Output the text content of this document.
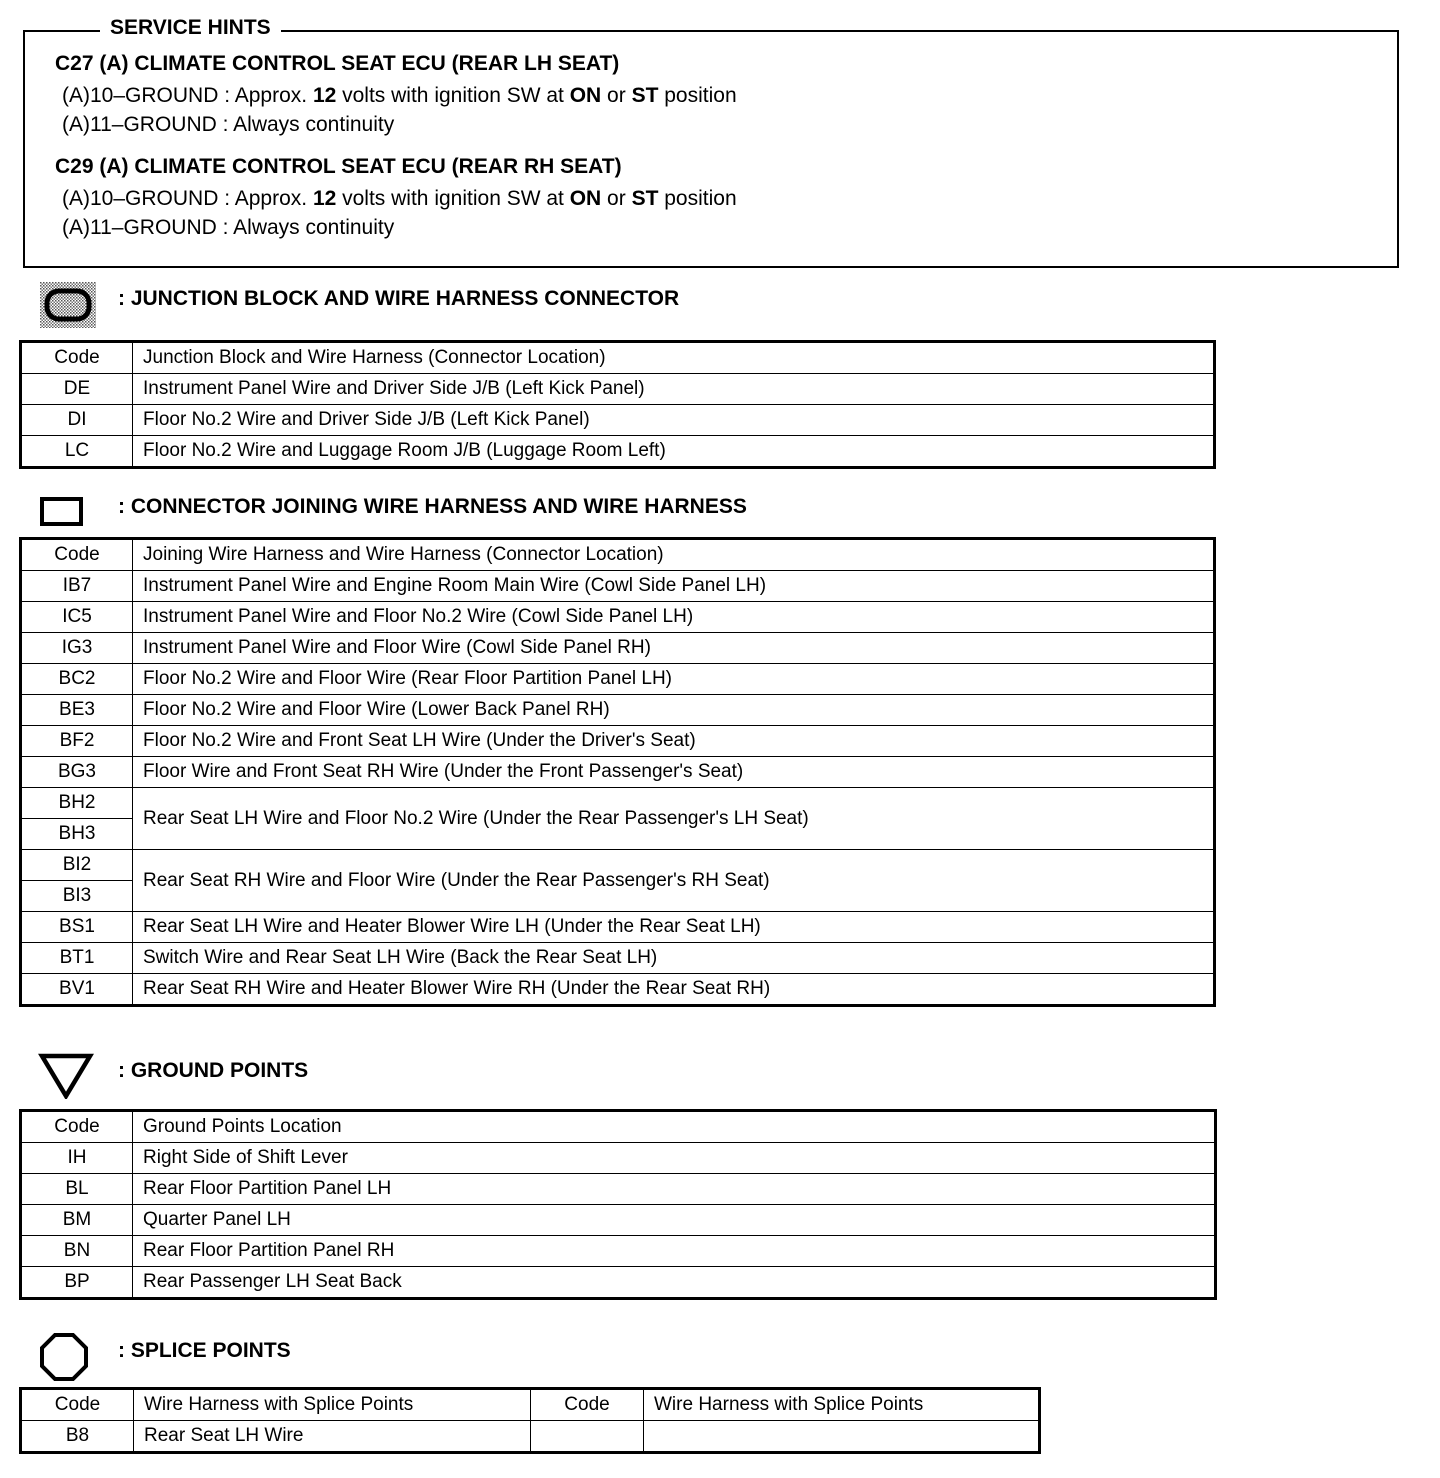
SERVICE HINTS
C27 (A) CLIMATE CONTROL SEAT ECU (REAR LH SEAT)
(A)10–GROUND : Approx. 12 volts with ignition SW at ON or ST position
(A)11–GROUND : Always continuity
C29 (A) CLIMATE CONTROL SEAT ECU (REAR RH SEAT)
(A)10–GROUND : Approx. 12 volts with ignition SW at ON or ST position
(A)11–GROUND : Always continuity
: JUNCTION BLOCK AND WIRE HARNESS CONNECTOR
Code	Junction Block and Wire Harness (Connector Location)
DE	Instrument Panel Wire and Driver Side J/B (Left Kick Panel)
DI	Floor No.2 Wire and Driver Side J/B (Left Kick Panel)
LC	Floor No.2 Wire and Luggage Room J/B (Luggage Room Left)
: CONNECTOR JOINING WIRE HARNESS AND WIRE HARNESS
Code	Joining Wire Harness and Wire Harness (Connector Location)
IB7	Instrument Panel Wire and Engine Room Main Wire (Cowl Side Panel LH)
IC5	Instrument Panel Wire and Floor No.2 Wire (Cowl Side Panel LH)
IG3	Instrument Panel Wire and Floor Wire (Cowl Side Panel RH)
BC2	Floor No.2 Wire and Floor Wire (Rear Floor Partition Panel LH)
BE3	Floor No.2 Wire and Floor Wire (Lower Back Panel RH)
BF2	Floor No.2 Wire and Front Seat LH Wire (Under the Driver's Seat)
BG3	Floor Wire and Front Seat RH Wire (Under the Front Passenger's Seat)
BH2	Rear Seat LH Wire and Floor No.2 Wire (Under the Rear Passenger's LH Seat)
BH3	
BI2	Rear Seat RH Wire and Floor Wire (Under the Rear Passenger's RH Seat)
BI3	
BS1	Rear Seat LH Wire and Heater Blower Wire LH (Under the Rear Seat LH)
BT1	Switch Wire and Rear Seat LH Wire (Back the Rear Seat LH)
BV1	Rear Seat RH Wire and Heater Blower Wire RH (Under the Rear Seat RH)
: GROUND POINTS
Code	Ground Points Location
IH	Right Side of Shift Lever
BL	Rear Floor Partition Panel LH
BM	Quarter Panel LH
BN	Rear Floor Partition Panel RH
BP	Rear Passenger LH Seat Back
: SPLICE POINTS
Code	Wire Harness with Splice Points	Code	Wire Harness with Splice Points
B8	Rear Seat LH Wire		
